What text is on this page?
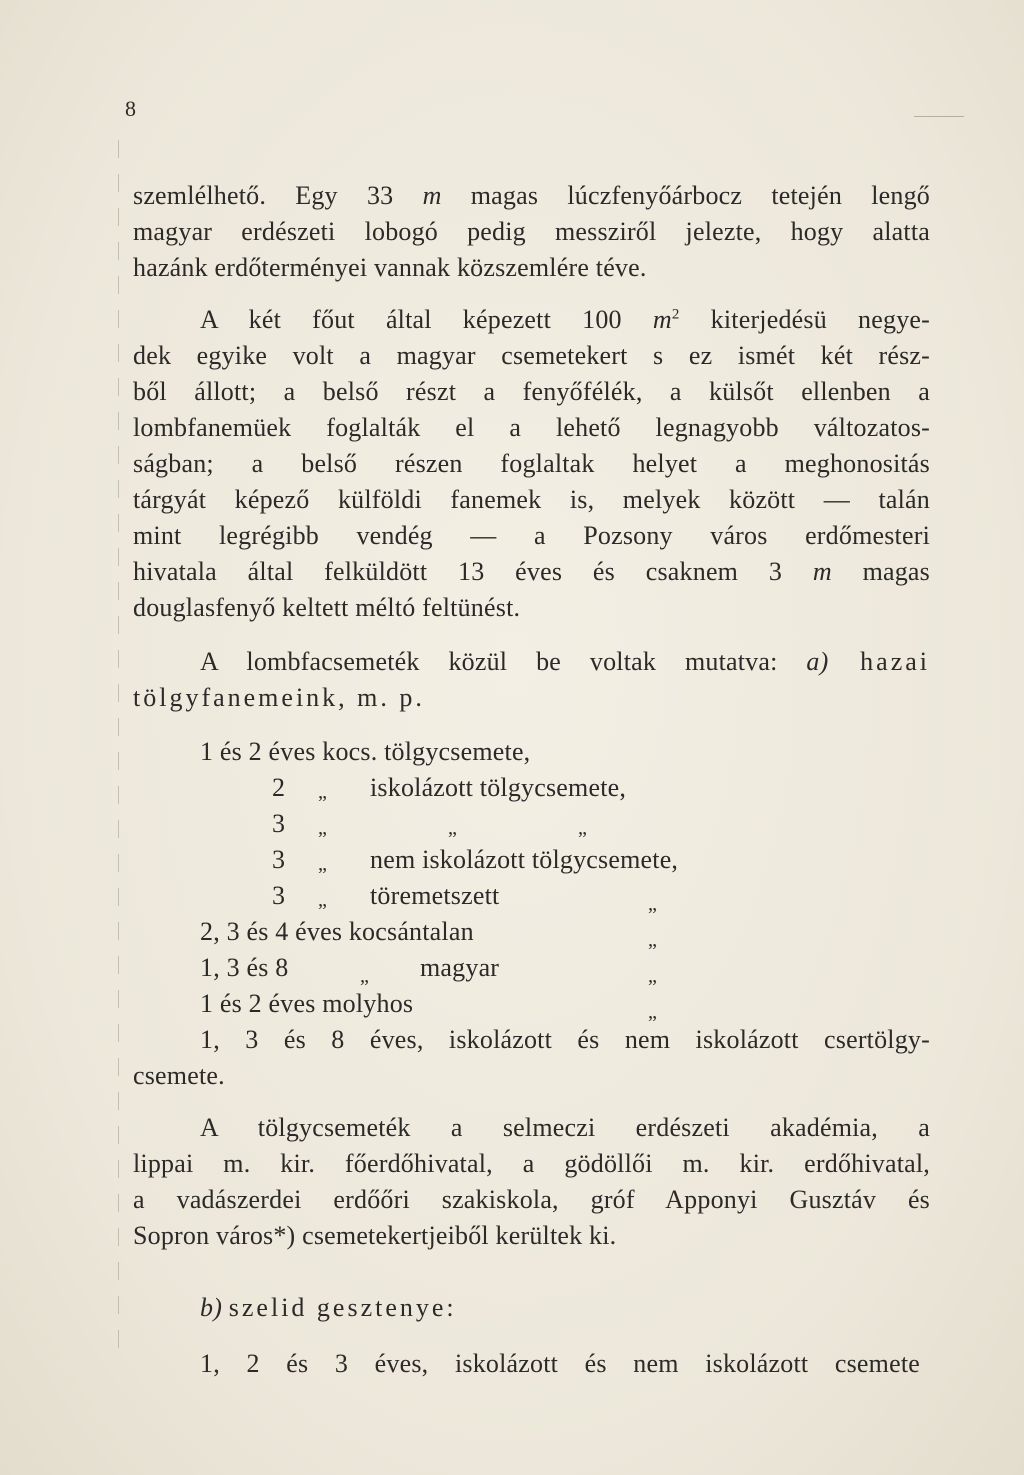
8
szemlélhető. Egy 33 m magas lúczfenyőárbocz tetején lengő
magyar erdészeti lobogó pedig messziről jelezte, hogy alatta
hazánk erdőterményei vannak közszemlére téve.
A két főut által képezett 100 $m^2$ kiterjedésü negye-
dek egyike volt a magyar csemetekert s ez ismét két rész-
ből állott; a belső részt a fenyőfélék, a külsőt ellenben a
lombfanemüek foglalták el a lehető legnagyobb változatos-
ságban; a belső részen foglaltak helyet a meghonositás
tárgyát képező külföldi fanemek is, melyek között — talán
mint legrégibb vendég — a Pozsony város erdőmesteri
hivatala által felküldött 13 éves és csaknem 3 m magas
douglasfenyő keltett méltó feltünést.
A lombfacsemeték közül be voltak mutatva: a) hazai
tölgyfanemeink, m. p.
1 és 2 éves kocs. tölgycsemete,
2 „ iskolázott tölgycsemete,
3 „	„	„
3 „ nem iskolázott tölgycsemete,
3 „ töremetszett	„
2, 3 és 4 éves kocsántalan	„
1, 3 és 8	„ magyar	„
1 és 2 éves molyhos	„
1, 3 és 8 éves, iskolázott és nem iskolázott csertölgy-
csemete.
A tölgycsemeték a selmeczi erdészeti akadémia, a
lippai m. kir. főerdőhivatal, a gödöllői m. kir. erdőhivatal,
a vadászerdei erdőőri szakiskola, gróf Apponyi Gusztáv és
Sopron város*) csemetekertjeiből kerültek ki.
b) szelid gesztenye:
1, 2 és 3 éves, iskolázott és nem iskolázott csemete
